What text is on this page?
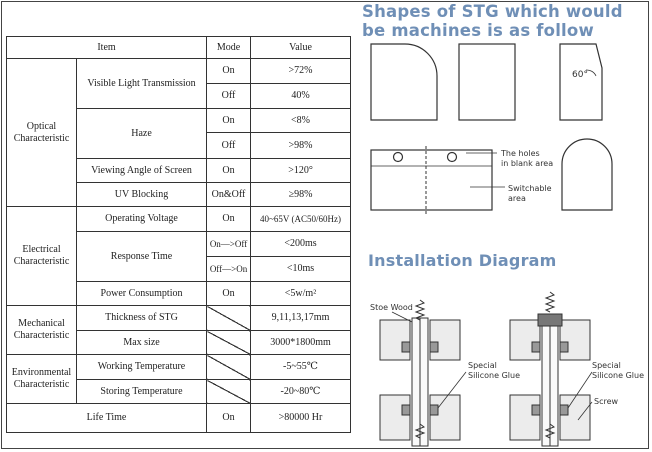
Item		Mode	Value
Optical Characteristic	Visible Light Transmission	On	>72%
		Off	40%
	Haze	On	<8%
		Off	>98%
	Viewing Angle of Screen	On	>120°
	UV Blocking	On&Off	≥98%
Electrical Characteristic	Operating Voltage	On	40~65V (AC50/60Hz)
	Response Time	On—>Off	<200ms
		Off—>On	<10ms
	Power Consumption	On	<5w/m²
Mechanical Characteristic	Thickness of STG		9,11,13,17mm
	Max size		3000*1800mm
Environmental Characteristic	Working Temperature		-5~55℃
	Storing Temperature		-20~80℃
Life Time		On	>80000 Hr
Shapes of STG which would be machines is as follow
Installation Diagram
60°
The holes
in blank area
Switchable
area
Stoe Wood
Special
Silicone Glue
Special
Silicone Glue
Screw
